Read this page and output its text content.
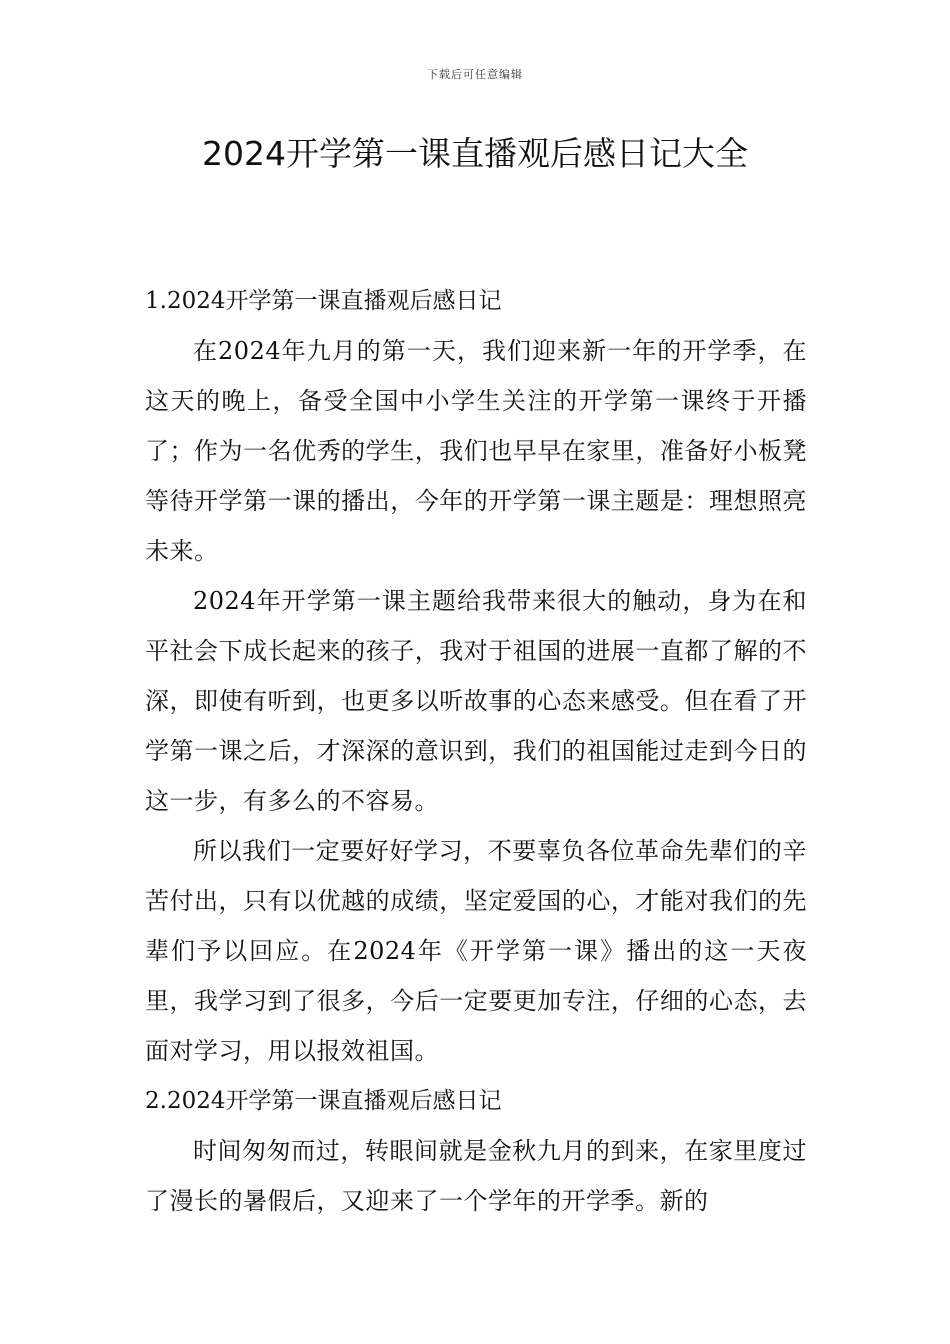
下载后可任意编辑
2024开学第一课直播观后感日记大全

1.2024开学第一课直播观后感日记

在2024年九月的第一天，我们迎来新一年的开学季，在这天的晚上，备受全国中小学生关注的开学第一课终于开播了；作为一名优秀的学生，我们也早早在家里，准备好小板凳等待开学第一课的播出，今年的开学第一课主题是：理想照亮未来。

2024年开学第一课主题给我带来很大的触动，身为在和平社会下成长起来的孩子，我对于祖国的进展一直都了解的不深，即使有听到，也更多以听故事的心态来感受。但在看了开学第一课之后，才深深的意识到，我们的祖国能过走到今日的这一步，有多么的不容易。

所以我们一定要好好学习，不要辜负各位革命先辈们的辛苦付出，只有以优越的成绩，坚定爱国的心，才能对我们的先辈们予以回应。在2024年《开学第一课》播出的这一天夜里，我学习到了很多，今后一定要更加专注，仔细的心态，去面对学习，用以报效祖国。

2.2024开学第一课直播观后感日记

时间匆匆而过，转眼间就是金秋九月的到来，在家里度过了漫长的暑假后，又迎来了一个学年的开学季。新的
